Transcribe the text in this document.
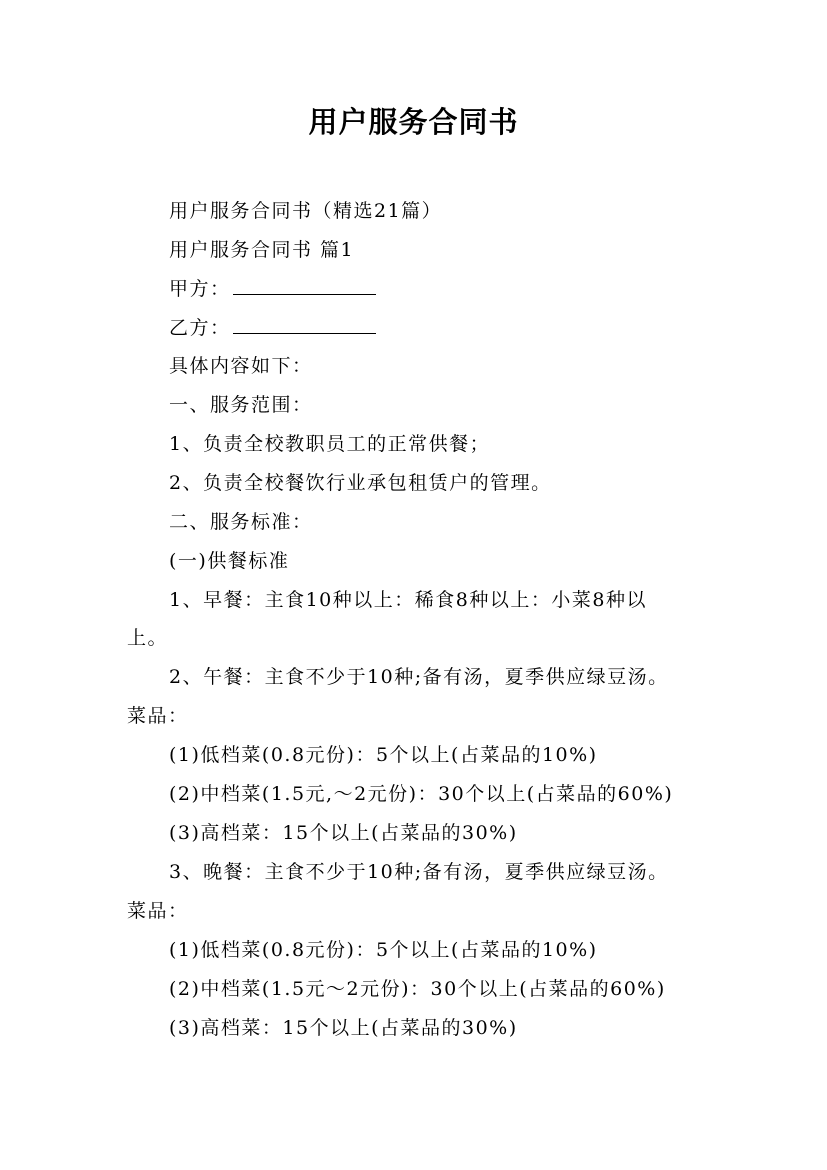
用户服务合同书
用户服务合同书（精选21篇）
用户服务合同书 篇1
甲方：
乙方：
具体内容如下：
一、服务范围：
1、负责全校教职员工的正常供餐；
2、负责全校餐饮行业承包租赁户的管理。
二、服务标准：
(一)供餐标准
1、早餐：主食10种以上：稀食8种以上：小菜8种以
上。
2、午餐：主食不少于10种;备有汤，夏季供应绿豆汤。
菜品：
(1)低档菜(0.8元份)：5个以上(占菜品的10%)
(2)中档菜(1.5元,～2元份)：30个以上(占菜品的60%)
(3)高档菜：15个以上(占菜品的30%)
3、晚餐：主食不少于10种;备有汤，夏季供应绿豆汤。
菜品：
(1)低档菜(0.8元份)：5个以上(占菜品的10%)
(2)中档菜(1.5元～2元份)：30个以上(占菜品的60%)
(3)高档菜：15个以上(占菜品的30%)
